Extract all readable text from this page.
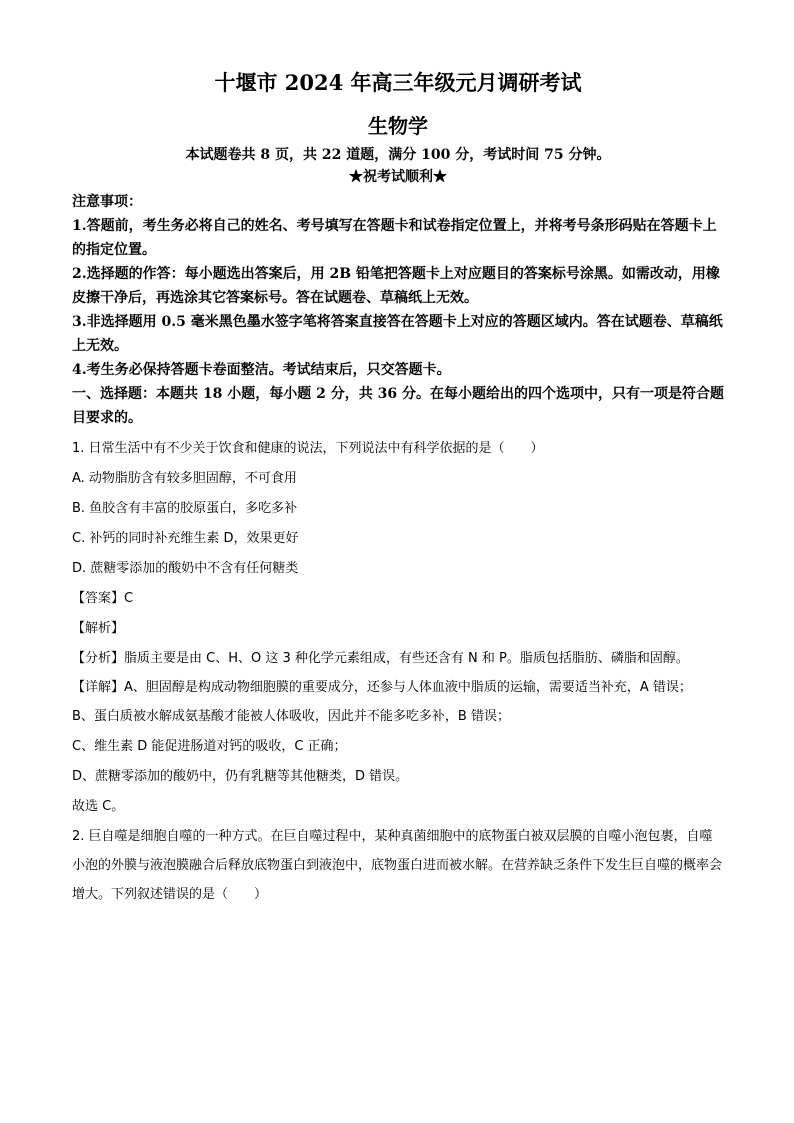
十堰市 2024 年高三年级元月调研考试
生物学
本试题卷共 8 页，共 22 道题，满分 100 分，考试时间 75 分钟。
★祝考试顺利★
注意事项：
1.答题前，考生务必将自己的姓名、考号填写在答题卡和试卷指定位置上，并将考号条形码贴在答题卡上的指定位置。
2.选择题的作答：每小题选出答案后，用 2B 铅笔把答题卡上对应题目的答案标号涂黑。如需改动，用橡皮擦干净后，再选涂其它答案标号。答在试题卷、草稿纸上无效。
3.非选择题用 0.5 毫米黑色墨水签字笔将答案直接答在答题卡上对应的答题区域内。答在试题卷、草稿纸上无效。
4.考生务必保持答题卡卷面整洁。考试结束后，只交答题卡。
一、选择题：本题共 18 小题，每小题 2 分，共 36 分。在每小题给出的四个选项中，只有一项是符合题目要求的。
1. 日常生活中有不少关于饮食和健康的说法，下列说法中有科学依据的是（　　）
A. 动物脂肪含有较多胆固醇，不可食用
B. 鱼胶含有丰富的胶原蛋白，多吃多补
C. 补钙的同时补充维生素 D，效果更好
D. 蔗糖零添加的酸奶中不含有任何糖类
【答案】C
【解析】
【分析】脂质主要是由 C、H、O 这 3 种化学元素组成，有些还含有 N 和 P。脂质包括脂肪、磷脂和固醇。
【详解】A、胆固醇是构成动物细胞膜的重要成分，还参与人体血液中脂质的运输，需要适当补充，A 错误；
B、蛋白质被水解成氨基酸才能被人体吸收，因此并不能多吃多补，B 错误；
C、维生素 D 能促进肠道对钙的吸收，C 正确；
D、蔗糖零添加的酸奶中，仍有乳糖等其他糖类，D 错误。
故选 C。
2. 巨自噬是细胞自噬的一种方式。在巨自噬过程中，某种真菌细胞中的底物蛋白被双层膜的自噬小泡包裹，自噬小泡的外膜与液泡膜融合后释放底物蛋白到液泡中，底物蛋白进而被水解。在营养缺乏条件下发生巨自噬的概率会增大。下列叙述错误的是（　　）
